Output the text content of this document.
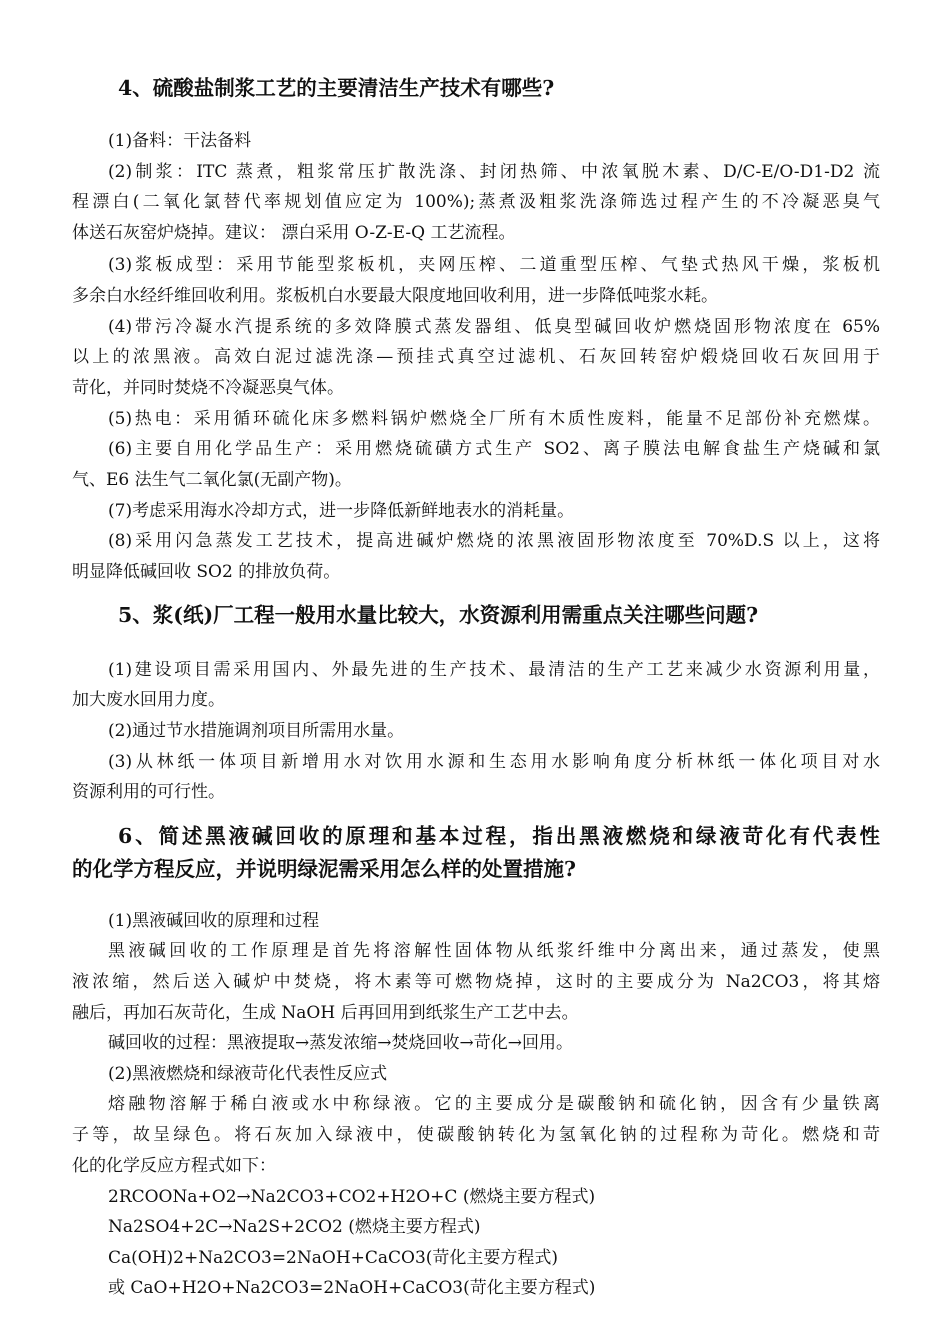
4、硫酸盐制浆工艺的主要清洁生产技术有哪些?
(1)备料：干法备料
(2)制浆：ITC 蒸煮，粗浆常压扩散洗涤、封闭热筛、中浓氧脱木素、D/C-E/O-D1-D2 流
程漂白(二氧化氯替代率规划值应定为 100%);蒸煮汲粗浆洗涤筛选过程产生的不冷凝恶臭气
体送石灰窑炉烧掉。建议： 漂白采用 O-Z-E-Q 工艺流程。
(3)浆板成型：采用节能型浆板机，夹网压榨、二道重型压榨、气垫式热风干燥，浆板机
多余白水经纤维回收利用。浆板机白水要最大限度地回收利用，进一步降低吨浆水耗。
(4)带污冷凝水汽提系统的多效降膜式蒸发器组、低臭型碱回收炉燃烧固形物浓度在 65%
以上的浓黑液。高效白泥过滤洗涤—预挂式真空过滤机、石灰回转窑炉煅烧回收石灰回用于
苛化，并同时焚烧不冷凝恶臭气体。
(5)热电：采用循环硫化床多燃料锅炉燃烧全厂所有木质性废料，能量不足部份补充燃煤。
(6)主要自用化学品生产：采用燃烧硫磺方式生产 SO2、离子膜法电解食盐生产烧碱和氯
气、E6 法生气二氧化氯(无副产物)。
(7)考虑采用海水冷却方式，进一步降低新鲜地表水的消耗量。
(8)采用闪急蒸发工艺技术，提高进碱炉燃烧的浓黑液固形物浓度至 70%D.S 以上，这将
明显降低碱回收 SO2 的排放负荷。
5、浆(纸)厂工程一般用水量比较大，水资源利用需重点关注哪些问题?
(1)建设项目需采用国内、外最先进的生产技术、最清洁的生产工艺来减少水资源利用量，
加大废水回用力度。
(2)通过节水措施调剂项目所需用水量。
(3)从林纸一体项目新增用水对饮用水源和生态用水影响角度分析林纸一体化项目对水
资源利用的可行性。
6、简述黑液碱回收的原理和基本过程，指出黑液燃烧和绿液苛化有代表性
的化学方程反应，并说明绿泥需采用怎么样的处置措施?
(1)黑液碱回收的原理和过程
黑液碱回收的工作原理是首先将溶解性固体物从纸浆纤维中分离出来，通过蒸发，使黑
液浓缩，然后送入碱炉中焚烧，将木素等可燃物烧掉，这时的主要成分为 Na2CO3，将其熔
融后，再加石灰苛化，生成 NaOH 后再回用到纸浆生产工艺中去。
碱回收的过程：黑液提取→蒸发浓缩→焚烧回收→苛化→回用。
(2)黑液燃烧和绿液苛化代表性反应式
熔融物溶解于稀白液或水中称绿液。它的主要成分是碳酸钠和硫化钠，因含有少量铁离
子等，故呈绿色。将石灰加入绿液中，使碳酸钠转化为氢氧化钠的过程称为苛化。燃烧和苛
化的化学反应方程式如下：
2RCOONa+O2→Na2CO3+CO2+H2O+C (燃烧主要方程式)
Na2SO4+2C→Na2S+2CO2 (燃烧主要方程式)
Ca(OH)2+Na2CO3=2NaOH+CaCO3(苛化主要方程式)
或 CaO+H2O+Na2CO3=2NaOH+CaCO3(苛化主要方程式)
